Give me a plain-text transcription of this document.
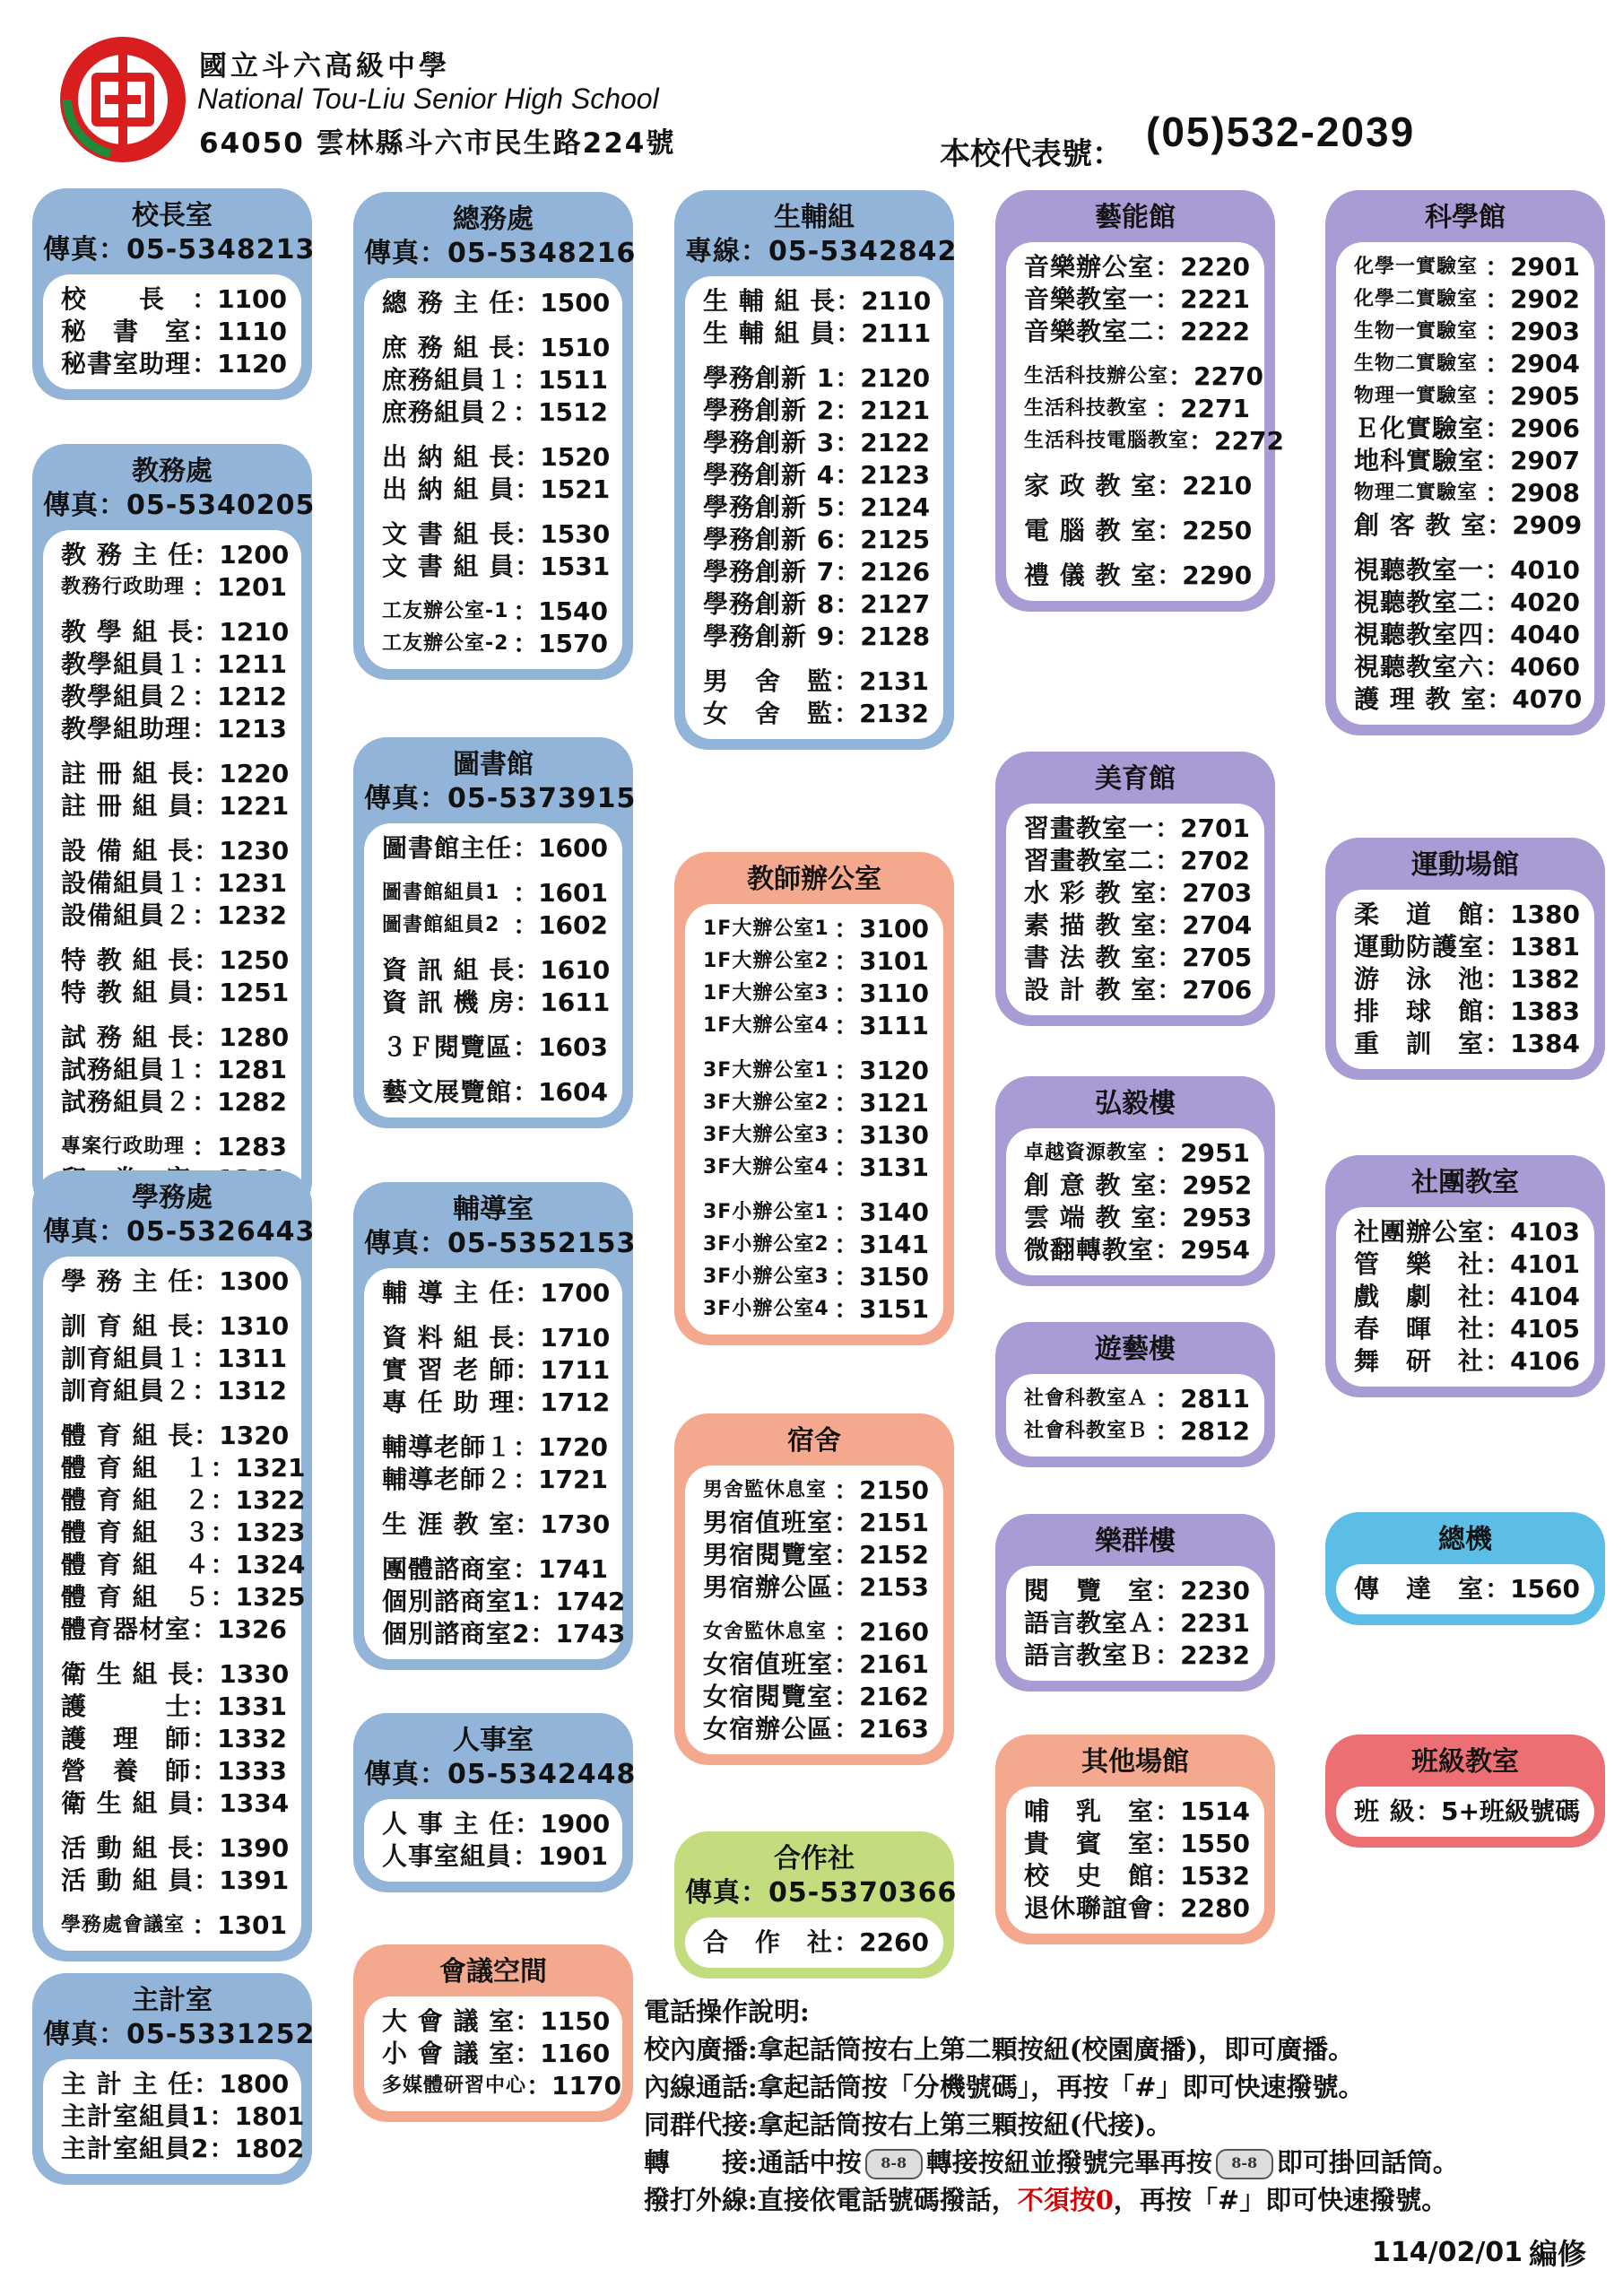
國立斗六高級中學
National Tou-Liu Senior High School
64050 雲林縣斗六市民生路224號	本校代表號： (05)532-2039
校長室
傳真：05-5348213
校　　長 ：1100
秘　書　室 ：1110
秘書室助理 ：1120
教務處
傳真：05-5340205
教 務 主 任 ：1200
教務行政助理 ：1201
教 學 組 長 ：1210
教學組員１ ：1211
教學組員２ ：1212
教學組助理 ：1213
註 冊 組 長 ：1220
註 冊 組 員 ：1221
設 備 組 長 ：1230
設備組員１ ：1231
設備組員２ ：1232
特 教 組 長 ：1250
特 教 組 員 ：1251
試 務 組 長 ：1280
試務組員１ ：1281
試務組員２ ：1282
專案行政助理 ：1283
學務處
傳真：05-5326443
學 務 主 任 ：1300
訓 育 組 長 ：1310
訓育組員１ ：1311
訓育組員２ ：1312
體 育 組 長 ：1320
體 育 組　１ ：1321
體 育 組　２ ：1322
體 育 組　３ ：1323
體 育 組　４ ：1324
體 育 組　５ ：1325
體育器材室 ：1326
衛 生 組 長 ：1330
護　　　士 ：1331
護　理　師 ：1332
營　養　師 ：1333
衛 生 組 員 ：1334
活 動 組 長 ：1390
活 動 組 員 ：1391
學務處會議室 ：1301
主計室
傳真：05-5331252
主 計 主 任 ：1800
主計室組員1 ：1801
主計室組員2 ：1802
總務處
傳真：05-5348216
總 務 主 任 ：1500
庶 務 組 長 ：1510
庶務組員１ ：1511
庶務組員２ ：1512
出 納 組 長 ：1520
出 納 組 員 ：1521
文 書 組 長 ：1530
文 書 組 員 ：1531
工友辦公室-1 ：1540
工友辦公室-2 ：1570
圖書館
傳真：05-5373915
圖書館主任 ：1600
圖書館組員1 ：1601
圖書館組員2 ：1602
資 訊 組 長 ：1610
資 訊 機 房 ：1611
３Ｆ閱覽區 ：1603
藝文展覽館 ：1604
輔導室
傳真：05-5352153
輔 導 主 任 ：1700
資 料 組 長 ：1710
實 習 老 師 ：1711
專 任 助 理 ：1712
輔導老師１ ：1720
輔導老師２ ：1721
生 涯 教 室 ：1730
團體諮商室 ：1741
個別諮商室1 ：1742
個別諮商室2 ：1743
人事室
傳真：05-5342448
人 事 主 任 ：1900
人事室組員 ：1901
會議空間
大 會 議 室 ：1150
小 會 議 室 ：1160
多媒體研習中心 ：1170
生輔組
專線：05-5342842
生 輔 組 長 ：2110
生 輔 組 員 ：2111
學務創新 1 ：2120
學務創新 2 ：2121
學務創新 3 ：2122
學務創新 4 ：2123
學務創新 5 ：2124
學務創新 6 ：2125
學務創新 7 ：2126
學務創新 8 ：2127
學務創新 9 ：2128
男　舍　監 ：2131
女　舍　監 ：2132
教師辦公室
1F大辦公室1 ：3100
1F大辦公室2 ：3101
1F大辦公室3 ：3110
1F大辦公室4 ：3111
3F大辦公室1 ：3120
3F大辦公室2 ：3121
3F大辦公室3 ：3130
3F大辦公室4 ：3131
3F小辦公室1 ：3140
3F小辦公室2 ：3141
3F小辦公室3 ：3150
3F小辦公室4 ：3151
宿舍
男舍監休息室 ：2150
男宿值班室 ：2151
男宿閱覽室 ：2152
男宿辦公區 ：2153
女舍監休息室 ：2160
女宿值班室 ：2161
女宿閱覽室 ：2162
女宿辦公區 ：2163
合作社
傳真：05-5370366
合　作　社 ：2260
藝能館
音樂辦公室 ：2220
音樂教室一 ：2221
音樂教室二 ：2222
生活科技辦公室 ：2270
生活科技教室 ：2271
生活科技電腦教室 ：2272
家 政 教 室 ：2210
電 腦 教 室 ：2250
禮 儀 教 室 ：2290
美育館
習畫教室一 ：2701
習畫教室二 ：2702
水 彩 教 室 ：2703
素 描 教 室 ：2704
書 法 教 室 ：2705
設 計 教 室 ：2706
弘毅樓
卓越資源教室 ：2951
創 意 教 室 ：2952
雲 端 教 室 ：2953
微翻轉教室 ：2954
遊藝樓
社會科教室Ａ ：2811
社會科教室Ｂ ：2812
樂群樓
閱　覽　室 ：2230
語言教室Ａ ：2231
語言教室Ｂ ：2232
其他場館
哺　乳　室 ：1514
貴　賓　室 ：1550
校　史　館 ：1532
退休聯誼會 ：2280
科學館
化學一實驗室 ：2901
化學二實驗室 ：2902
生物一實驗室 ：2903
生物二實驗室 ：2904
物理一實驗室 ：2905
Ｅ化實驗室 ：2906
地科實驗室 ：2907
物理二實驗室 ：2908
創 客 教 室 ：2909
視聽教室一 ：4010
視聽教室二 ：4020
視聽教室四 ：4040
視聽教室六 ：4060
護 理 教 室 ：4070
運動場館
柔　道　館 ：1380
運動防護室 ：1381
游　泳　池 ：1382
排　球　館 ：1383
重　訓　室 ：1384
社團教室
社團辦公室 ：4103
管　樂　社 ：4101
戲　劇　社 ：4104
春　暉　社 ：4105
舞　研　社 ：4106
總機
傳　達　室 ：1560
班級教室
班 級 ：5+班級號碼
電話操作說明:
校內廣播:拿起話筒按右上第二顆按紐(校園廣播)，即可廣播。
內線通話:拿起話筒按「分機號碼」，再按「#」即可快速撥號。
同群代接:拿起話筒按右上第三顆按紐(代接)。
轉　　接:通話中按 8-8 轉接按紐並撥號完畢再按 8-8 即可掛回話筒。
撥打外線:直接依電話號碼撥話，不須按0，再按「#」即可快速撥號。
114/02/01 編修
